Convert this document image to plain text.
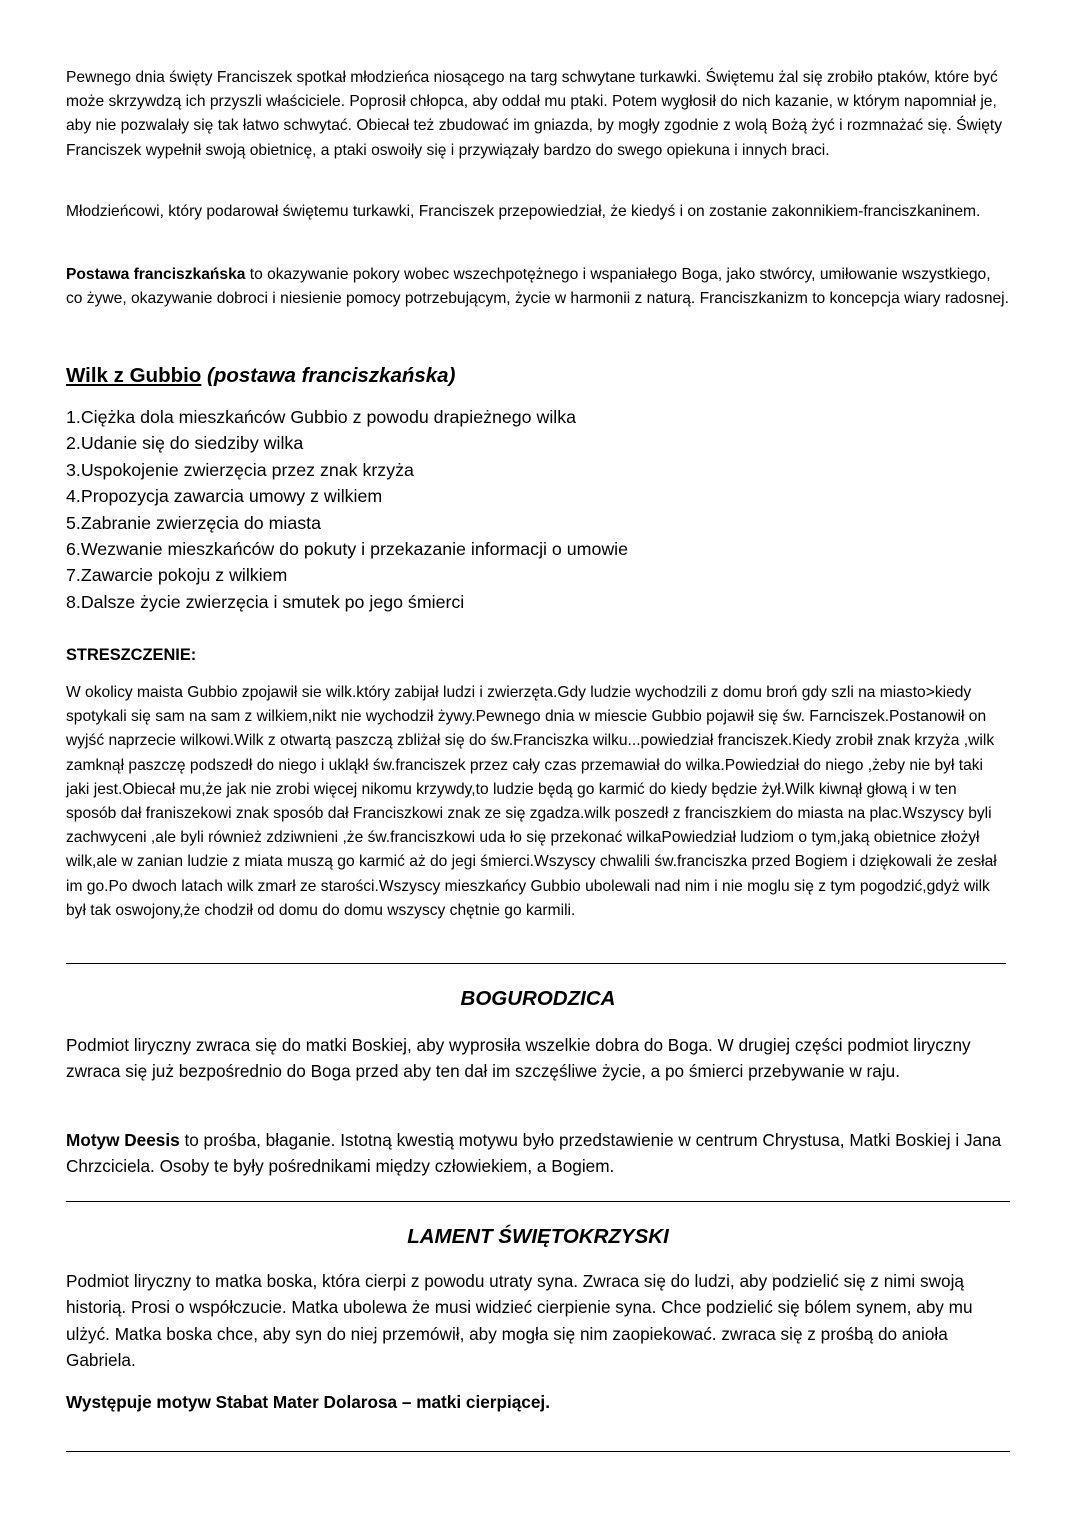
Pewnego dnia święty Franciszek spotkał młodzieńca niosącego na targ schwytane turkawki. Świętemu żal się zrobiło ptaków, które być może skrzywdzą ich przyszli właściciele. Poprosił chłopca, aby oddał mu ptaki. Potem wygłosił do nich kazanie, w którym napomniał je, aby nie pozwalały się tak łatwo schwytać. Obiecał też zbudować im gniazda, by mogły zgodnie z wolą Bożą żyć i rozmnażać się. Święty Franciszek wypełnił swoją obietnicę, a ptaki oswoiły się i przywiązały bardzo do swego opiekuna i innych braci.

Młodzieńcowi, który podarował świętemu turkawki, Franciszek przepowiedział, że kiedyś i on zostanie zakonnikiem-franciszkaninem.

Postawa franciszkańska to okazywanie pokory wobec wszechpotężnego i wspaniałego Boga, jako stwórcy, umiłowanie wszystkiego, co żywe, okazywanie dobroci i niesienie pomocy potrzebującym, życie w harmonii z naturą. Franciszkanizm to koncepcja wiary radosnej.

Wilk z Gubbio (postawa franciszkańska)
1.Ciężka dola mieszkańców Gubbio z powodu drapieżnego wilka
2.Udanie się do siedziby wilka
3.Uspokojenie zwierzęcia przez znak krzyża
4.Propozycja zawarcia umowy z wilkiem
5.Zabranie zwierzęcia do miasta
6.Wezwanie mieszkańców do pokuty i przekazanie informacji o umowie
7.Zawarcie pokoju z wilkiem
8.Dalsze życie zwierzęcia i smutek po jego śmierci

STRESZCZENIE:

W okolicy maista Gubbio zpojawił sie wilk.który zabijał ludzi i zwierzęta.Gdy ludzie wychodzili z domu broń gdy szli na miasto>kiedy spotykali się sam na sam z wilkiem,nikt nie wychodził żywy.Pewnego dnia w miescie Gubbio pojawił się św. Farnciszek.Postanowił on wyjść naprzecie wilkowi.Wilk z otwartą paszczą zbliżał się do św.Franciszka wilku...powiedział franciszek.Kiedy zrobił znak krzyża ,wilk zamknął paszczę podszedł do niego i ukląkł św.franciszek przez cały czas przemawiał do wilka.Powiedział do niego ,żeby nie był taki jaki jest.Obiecał mu,że jak nie zrobi więcej nikomu krzywdy,to ludzie będą go karmić do kiedy będzie żył.Wilk kiwnął głową i w ten sposób dał franiszekowi znak sposób dał Franciszkowi znak ze się zgadza.wilk poszedł z franciszkiem do miasta na plac.Wszyscy byli zachwyceni ,ale byli również zdziwnieni ,że św.franciszkowi uda ło się przekonać wilkaPowiedział ludziom o tym,jaką obietnice złożył wilk,ale w zanian ludzie z miata muszą go karmić aż do jegi śmierci.Wszyscy chwalili św.franciszka przed Bogiem i dziękowali że zesłał im go.Po dwoch latach wilk zmarł ze starości.Wszyscy mieszkańcy Gubbio ubolewali nad nim i nie moglu się z tym pogodzić,gdyż wilk był tak oswojony,że chodził od domu do domu wszyscy chętnie go karmili.

BOGURODZICA

Podmiot liryczny zwraca się do matki Boskiej, aby wyprosiła wszelkie dobra do Boga. W drugiej części podmiot liryczny zwraca się już bezpośrednio do Boga przed aby ten dał im szczęśliwe życie, a po śmierci przebywanie w raju.

Motyw Deesis to prośba, błaganie. Istotną kwestią motywu było przedstawienie w centrum Chrystusa, Matki Boskiej i Jana Chrzciciela. Osoby te były pośrednikami między człowiekiem, a Bogiem.

LAMENT ŚWIĘTOKRZYSKI

Podmiot liryczny to matka boska, która cierpi z powodu utraty syna. Zwraca się do ludzi, aby podzielić się z nimi swoją historią. Prosi o współczucie. Matka ubolewa że musi widzieć cierpienie syna. Chce podzielić się bólem synem, aby mu ulżyć. Matka boska chce, aby syn do niej przemówił, aby mogła się nim zaopiekować. zwraca się z prośbą do anioła Gabriela.

Występuje motyw Stabat Mater Dolarosa – matki cierpiącej.
